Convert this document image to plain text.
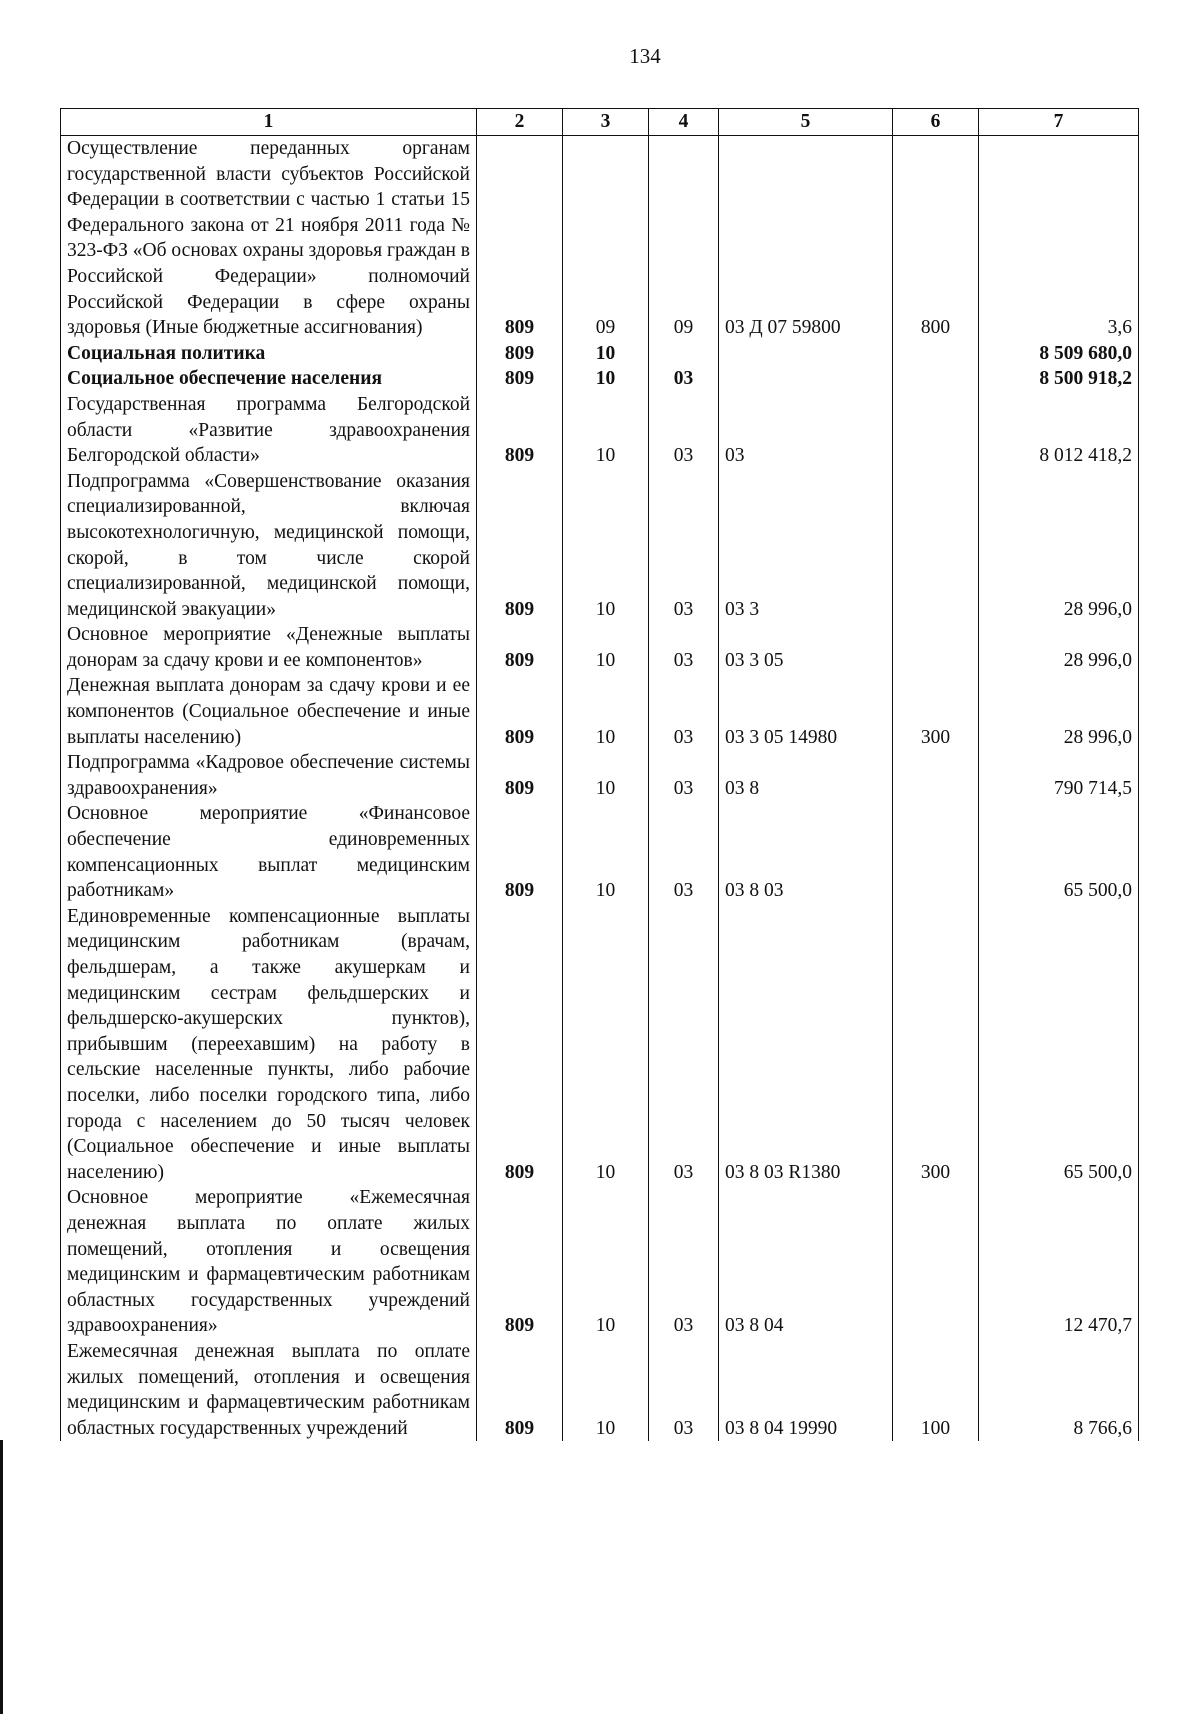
134
1	2	3	4	5	6	7
Осуществление переданных органам государственной власти субъектов Российской Федерации в соответствии с частью 1 статьи 15 Федерального закона от 21 ноября 2011 года № 323-ФЗ «Об основах охраны здоровья граждан в Российской Федерации» полномочий Российской Федерации в сфере охраны здоровья (Иные бюджетные ассигнования)	809	09	09	03 Д 07 59800	800	3,6
Социальная политика	809	10				8 509 680,0
Социальное обеспечение населения	809	10	03			8 500 918,2
Государственная программа Белгородской области «Развитие здравоохранения Белгородской области»	809	10	03	03		8 012 418,2
Подпрограмма «Совершенствование оказания специализированной, включая высокотехнологичную, медицинской помощи, скорой, в том числе скорой специализированной, медицинской помощи, медицинской эвакуации»	809	10	03	03 3		28 996,0
Основное мероприятие «Денежные выплаты донорам за сдачу крови и ее компонентов»	809	10	03	03 3 05		28 996,0
Денежная выплата донорам за сдачу крови и ее компонентов (Социальное обеспечение и иные выплаты населению)	809	10	03	03 3 05 14980	300	28 996,0
Подпрограмма «Кадровое обеспечение системы здравоохранения»	809	10	03	03 8		790 714,5
Основное мероприятие «Финансовое обеспечение единовременных компенсационных выплат медицинским работникам»	809	10	03	03 8 03		65 500,0
Единовременные компенсационные выплаты медицинским работникам (врачам, фельдшерам, а также акушеркам и медицинским сестрам фельдшерских и фельдшерско-акушерских пунктов), прибывшим (переехавшим) на работу в сельские населенные пункты, либо рабочие поселки, либо поселки городского типа, либо города с населением до 50 тысяч человек (Социальное обеспечение и иные выплаты населению)	809	10	03	03 8 03 R1380	300	65 500,0
Основное мероприятие «Ежемесячная денежная выплата по оплате жилых помещений, отопления и освещения медицинским и фармацевтическим работникам областных государственных учреждений здравоохранения»	809	10	03	03 8 04		12 470,7
Ежемесячная денежная выплата по оплате жилых помещений, отопления и освещения медицинским и фармацевтическим работникам областных государственных учреждений	809	10	03	03 8 04 19990	100	8 766,6
